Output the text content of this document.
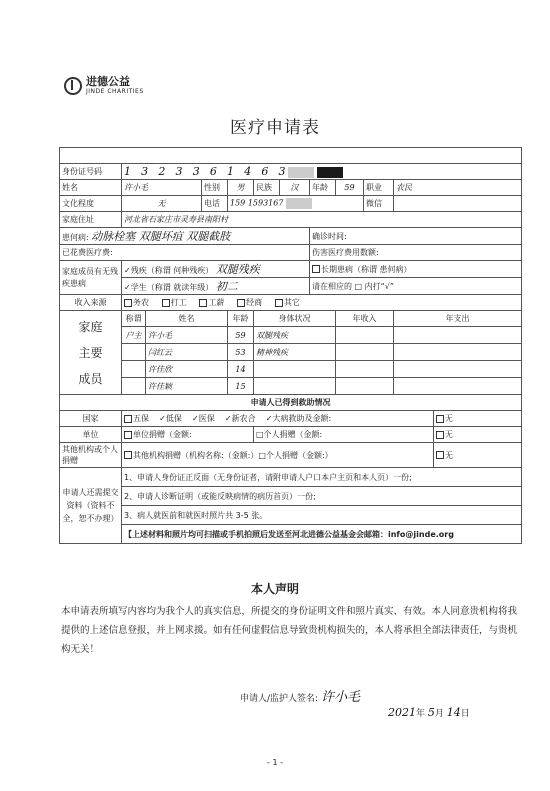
进德公益
JINDE CHARITIES
医疗申请表

身份证号码	1 3 2 3 3 6 1 4 6 3										
姓名	许小毛		性别	男	民族	汉	年龄	59	职业	农民	
文化程度	无		电话	159 1593167					微信		
家庭住址	河北省石家庄市灵寿县南阳村										
患何病: 动脉栓塞 双腿坏疽 双腿截肢							确诊时间:				
已花费医疗费:							伤害医疗费用数额:				
家庭成员有无残疾患病	✓残疾（称谓 何种残疾） 双腿残疾						长期患病（称谓 患何病）				
	✓学生（称谓 就读年级） 初二						请在相应的 □ 内打“√”				
收入来源	务农 打工 工薪 经商 其它										

家庭
主要
成员	称谓	姓名		年龄	身体状况			年收入		年支出	
	户主	许小毛		59	双腿残疾						
		闫红云		53	精神残疾						
		许佳欣		14							
		许佳颖		15							
申请人已得到救助情况											
国家	五保 ✓低保 ✓医保 ✓新农合 ✓大病救助及金额:										无
单位	单位捐赠（金额:				□个人捐赠（金额:						无
其他机构或个人捐赠	其他机构捐赠（机构名称:（金额:）□个人捐赠（金额:）										无
申请人还需提交资料（资料不全，恕不办理）	1、申请人身份证正反面（无身份证者，请附申请人户口本户主页和本人页）一份;										
	2、申请人诊断证明（或能反映病情的病历首页）一份;										
	3、病人就医前和就医时照片共 3-5 张。										
	【上述材料和照片均可扫描或手机拍照后发送至河北进德公益基金会邮箱：info@jinde.org										
本人声明
本申请表所填写内容均为我个人的真实信息，所提交的身份证明文件和照片真实、有效。本人同意贵机构将我提供的上述信息登报，并上网求援。如有任何虚假信息导致贵机构损失的，本人将承担全部法律责任，与贵机构无关！
申请人/监护人签名: 许小毛
2021年 5月 14日
- 1 -
